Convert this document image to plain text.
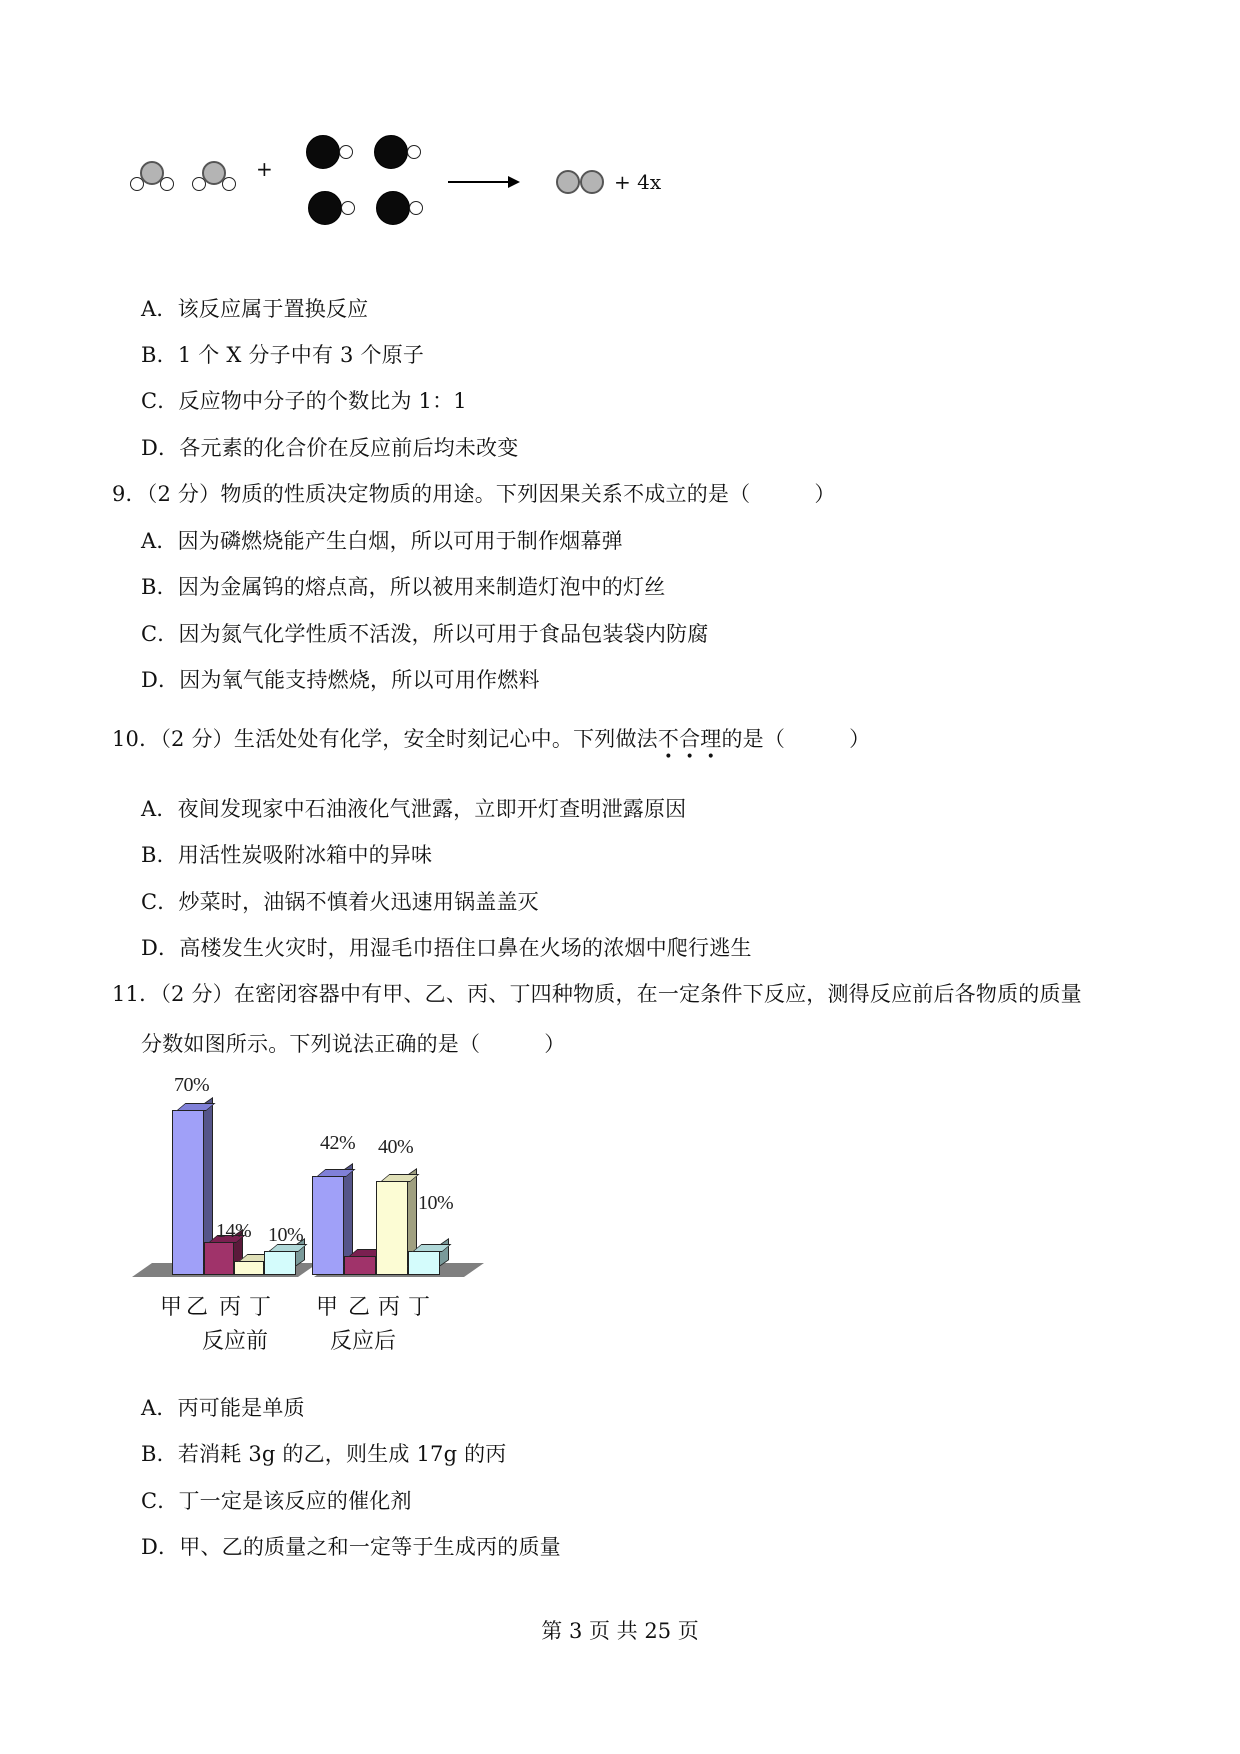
+
+ 4x
A．该反应属于置换反应
B．1 个 X 分子中有 3 个原子
C．反应物中分子的个数比为 1：1
D．各元素的化合价在反应前后均未改变
9．（2 分）物质的性质决定物质的用途。下列因果关系不成立的是（	）
A．因为磷燃烧能产生白烟，所以可用于制作烟幕弹
B．因为金属钨的熔点高，所以被用来制造灯泡中的灯丝
C．因为氮气化学性质不活泼，所以可用于食品包装袋内防腐
D．因为氧气能支持燃烧，所以可用作燃料
10．（2 分）生活处处有化学，安全时刻记心中。下列做法不合理的是（	）
A．夜间发现家中石油液化气泄露，立即开灯查明泄露原因
B．用活性炭吸附冰箱中的异味
C．炒菜时，油锅不慎着火迅速用锅盖盖灭
D．高楼发生火灾时，用湿毛巾捂住口鼻在火场的浓烟中爬行逃生
11．（2 分）在密闭容器中有甲、乙、丙、丁四种物质，在一定条件下反应，测得反应前后各物质的质量
分数如图所示。下列说法正确的是（	）
70%
14% 10%
42% 40%
10%
甲 乙 丙 丁 甲 乙 丙 丁
反应前	反应后
A．丙可能是单质
B．若消耗 3g 的乙，则生成 17g 的丙
C．丁一定是该反应的催化剂
D．甲、乙的质量之和一定等于生成丙的质量
第 3 页 共 25 页
